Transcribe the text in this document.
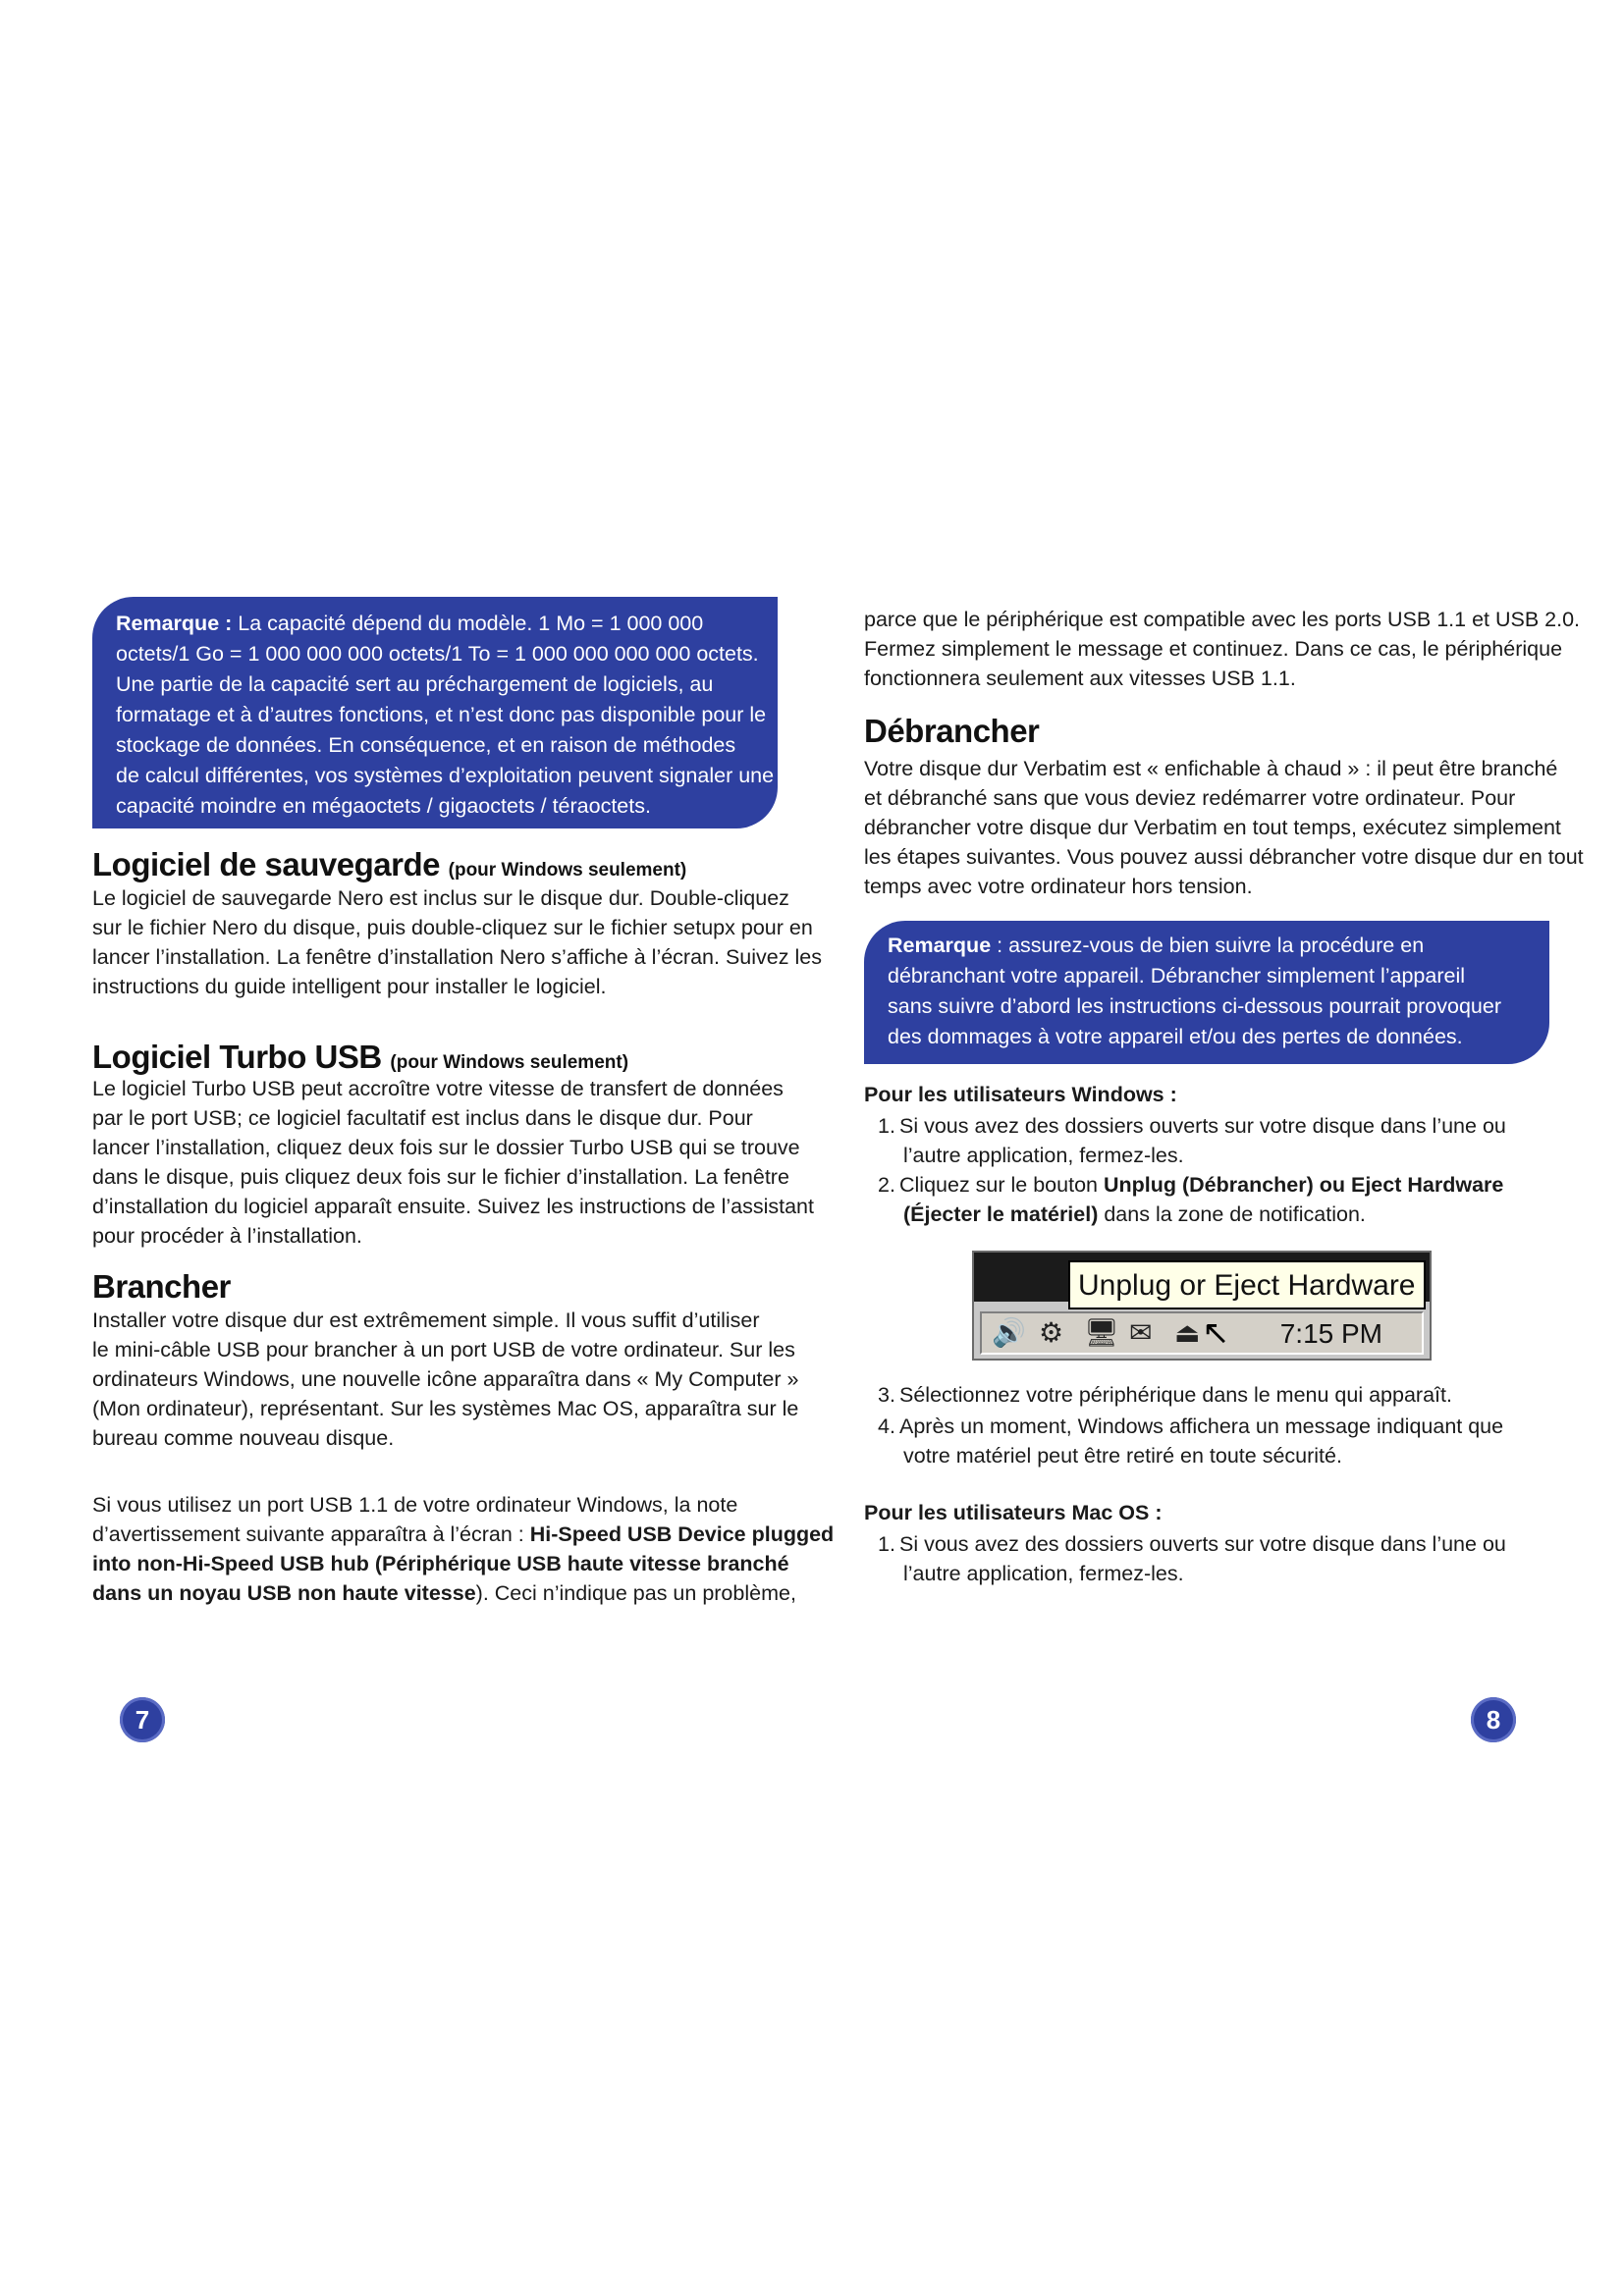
Remarque : La capacité dépend du modèle. 1 Mo = 1 000 000
octets/1 Go = 1 000 000 000 octets/1 To = 1 000 000 000 000 octets.
Une partie de la capacité sert au préchargement de logiciels, au
formatage et à d’autres fonctions, et n’est donc pas disponible pour le
stockage de données. En conséquence, et en raison de méthodes
de calcul différentes, vos systèmes d’exploitation peuvent signaler une
capacité moindre en mégaoctets / gigaoctets / téraoctets.
Logiciel de sauvegarde (pour Windows seulement)
Le logiciel de sauvegarde Nero est inclus sur le disque dur. Double-cliquez
sur le fichier Nero du disque, puis double-cliquez sur le fichier setupx pour en
lancer l’installation. La fenêtre d’installation Nero s’affiche à l’écran. Suivez les
instructions du guide intelligent pour installer le logiciel.
Logiciel Turbo USB (pour Windows seulement)
Le logiciel Turbo USB peut accroître votre vitesse de transfert de données
par le port USB; ce logiciel facultatif est inclus dans le disque dur. Pour
lancer l’installation, cliquez deux fois sur le dossier Turbo USB qui se trouve
dans le disque, puis cliquez deux fois sur le fichier d’installation. La fenêtre
d’installation du logiciel apparaît ensuite. Suivez les instructions de l’assistant
pour procéder à l’installation.
Brancher
Installer votre disque dur est extrêmement simple. Il vous suffit d’utiliser
le mini-câble USB pour brancher à un port USB de votre ordinateur. Sur les
ordinateurs Windows, une nouvelle icône apparaîtra dans « My Computer »
(Mon ordinateur), représentant. Sur les systèmes Mac OS, apparaîtra sur le
bureau comme nouveau disque.
Si vous utilisez un port USB 1.1 de votre ordinateur Windows, la note
d’avertissement suivante apparaîtra à l’écran : Hi-Speed USB Device plugged
into non-Hi-Speed USB hub (Périphérique USB haute vitesse branché
dans un noyau USB non haute vitesse). Ceci n’indique pas un problème,
7
parce que le périphérique est compatible avec les ports USB 1.1 et USB 2.0.
Fermez simplement le message et continuez. Dans ce cas, le périphérique
fonctionnera seulement aux vitesses USB 1.1.
Débrancher
Votre disque dur Verbatim est « enfichable à chaud » : il peut être branché
et débranché sans que vous deviez redémarrer votre ordinateur. Pour
débrancher votre disque dur Verbatim en tout temps, exécutez simplement
les étapes suivantes. Vous pouvez aussi débrancher votre disque dur en tout
temps avec votre ordinateur hors tension.
Remarque : assurez-vous de bien suivre la procédure en
débranchant votre appareil. Débrancher simplement l’appareil
sans suivre d’abord les instructions ci-dessous pourrait provoquer
des dommages à votre appareil et/ou des pertes de données.
Pour les utilisateurs Windows :
1. Si vous avez des dossiers ouverts sur votre disque dans l’une ou
l’autre application, fermez-les.
2. Cliquez sur le bouton Unplug (Débrancher) ou Eject Hardware
(Éjecter le matériel) dans la zone de notification.
Unplug or Eject Hardware
🔊 ⚙ 🖥 ✉ ⏏	7:15 PM
↖
3. Sélectionnez votre périphérique dans le menu qui apparaît.
4. Après un moment, Windows affichera un message indiquant que
votre matériel peut être retiré en toute sécurité.
Pour les utilisateurs Mac OS :
1. Si vous avez des dossiers ouverts sur votre disque dans l’une ou
l’autre application, fermez-les.
8
